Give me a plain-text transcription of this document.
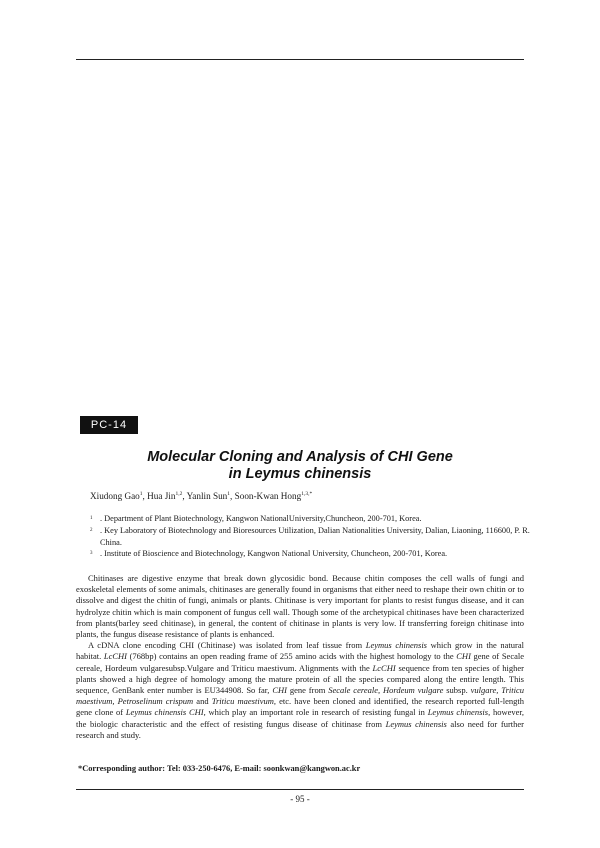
PC-14
Molecular Cloning and Analysis of CHI Gene
in Leymus chinensis
Xiudong Gao$^1$, Hua Jin$^{1,2}$, Yanlin Sun$^1$, Soon-Kwan Hong$^{1,3,*}$
$^1$ . Department of Plant Biotechnology, Kangwon NationalUniversity,Chuncheon, 200-701, Korea.
$^2$ . Key Laboratory of Biotechnology and Bioresources Utilization, Dalian Nationalities University, Dalian, Liaoning, 116600, P. R. China.
$^3$ . Institute of Bioscience and Biotechnology, Kangwon National University, Chuncheon, 200-701, Korea.

Chitinases are digestive enzyme that break down glycosidic bond. Because chitin composes the cell walls of fungi and exoskeletal elements of some animals, chitinases are generally found in organisms that either need to reshape their own chitin or to dissolve and digest the chitin of fungi, animals or plants. Chitinase is very important for plants to resist fungus disease, and it can hydrolyze chitin which is main component of fungus cell wall. Though some of the archetypical chitinases have been characterized from plants(barley seed chitinase), in general, the content of chitinase in plants is very low. If transferring foreign chitinase into plants, the fungus disease resistance of plants is enhanced.

A cDNA clone encoding CHI (Chitinase) was isolated from leaf tissue from Leymus chinensis which grow in the natural habitat. LcCHI (768bp) contains an open reading frame of 255 amino acids with the highest homology to the CHI gene of Secale cereale, Hordeum vulgaresubsp.Vulgare and Triticu maestivum. Alignments with the LcCHI sequence from ten species of higher plants showed a high degree of homology among the mature protein of all the species compared along the entire length. This sequence, GenBank enter number is EU344908. So far, CHI gene from Secale cereale, Hordeum vulgare subsp. vulgare, Triticu maestivum, Petroselinum crispum and Triticu maestivum, etc. have been cloned and identified, the research reported full-length gene clone of Leymus chinensis CHI, which play an important role in research of resisting fungal in Leymus chinensis, however, the biologic characteristic and the effect of resisting fungus disease of chitinase from Leymus chinensis also need for further research and study.

*Corresponding author: Tel: 033-250-6476, E-mail: soonkwan@kangwon.ac.kr
- 95 -
